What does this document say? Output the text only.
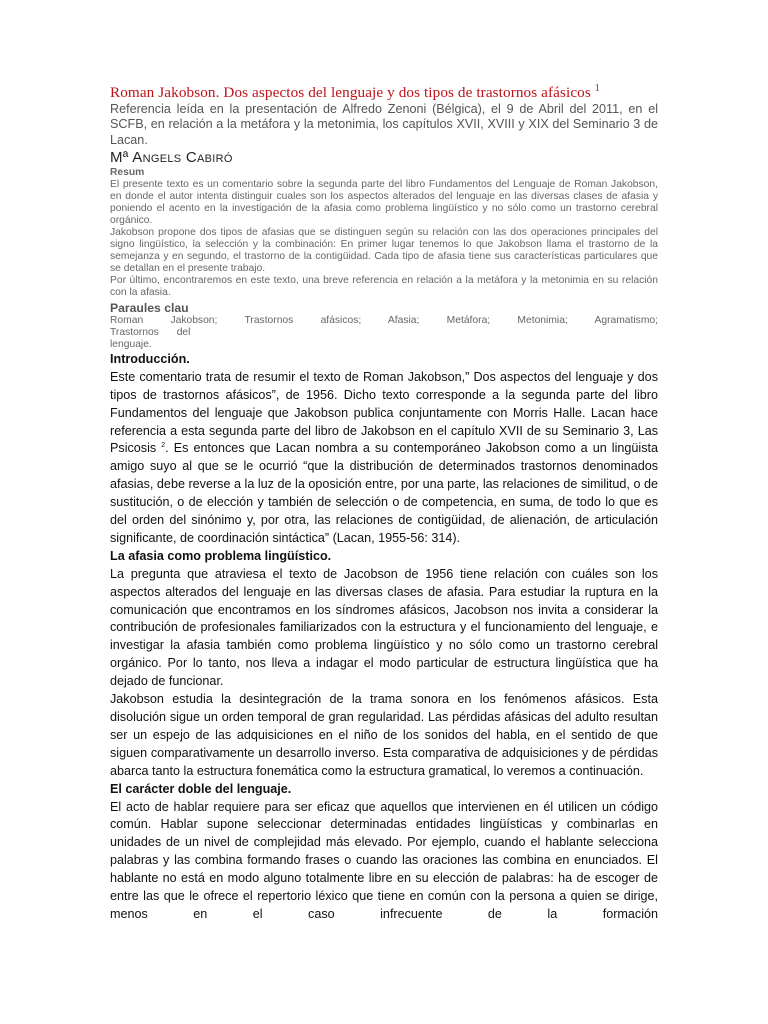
Roman Jakobson. Dos aspectos del lenguaje y dos tipos de trastornos afásicos $^1$

Referencia leída en la presentación de Alfredo Zenoni (Bélgica), el 9 de Abril del 2011, en el SCFB, en relación a la metáfora y la metonimia, los capítulos XVII, XVIII y XIX del Seminario 3 de Lacan.

Mª Angels Cabiró

Resum

El presente texto es un comentario sobre la segunda parte del libro Fundamentos del Lenguaje de Roman Jakobson, en donde el autor intenta distinguir cuales son los aspectos alterados del lenguaje en las diversas clases de afasia y poniendo el acento en la investigación de la afasia como problema lingüístico y no sólo como un trastorno cerebral orgánico.

Jakobson propone dos tipos de afasias que se distinguen según su relación con las dos operaciones principales del signo lingüístico, la selección y la combinación: En primer lugar tenemos lo que Jakobson llama el trastorno de la semejanza y en segundo, el trastorno de la contigüidad. Cada tipo de afasia tiene sus características particulares que se detallan en el presente trabajo.

Por último, encontraremos en este texto, una breve referencia en relación a la metáfora y la metonimia en su relación con la afasia.

Paraules clau

Roman Jakobson; Trastornos afásicos; Afasia; Metáfora; Metonimia; Agramatismo; Trastornos del

lenguaje.

Introducción.

Este comentario trata de resumir el texto de Roman Jakobson,” Dos aspectos del lenguaje y dos tipos de trastornos afásicos”, de 1956. Dicho texto corresponde a la segunda parte del libro Fundamentos del lenguaje que Jakobson publica conjuntamente con Morris Halle. Lacan hace referencia a esta segunda parte del libro de Jakobson en el capítulo XVII de su Seminario 3, Las Psicosis $^2$. Es entonces que Lacan nombra a su contemporáneo Jakobson como a un lingüista amigo suyo al que se le ocurrió “que la distribución de determinados trastornos denominados afasias, debe reverse a la luz de la oposición entre, por una parte, las relaciones de similitud, o de sustitución, o de elección y también de selección o de competencia, en suma, de todo lo que es del orden del sinónimo y, por otra, las relaciones de contigüidad, de alienación, de articulación significante, de coordinación sintáctica” (Lacan, 1955-56: 314).

La afasia como problema lingüístico.

La pregunta que atraviesa el texto de Jacobson de 1956 tiene relación con cuáles son los aspectos alterados del lenguaje en las diversas clases de afasia. Para estudiar la ruptura en la comunicación que encontramos en los síndromes afásicos, Jacobson nos invita a considerar la contribución de profesionales familiarizados con la estructura y el funcionamiento del lenguaje, e investigar la afasia también como problema lingüístico y no sólo como un trastorno cerebral orgánico. Por lo tanto, nos lleva a indagar el modo particular de estructura lingüística que ha dejado de funcionar.

Jakobson estudia la desintegración de la trama sonora en los fenómenos afásicos. Esta disolución sigue un orden temporal de gran regularidad. Las pérdidas afásicas del adulto resultan ser un espejo de las adquisiciones en el niño de los sonidos del habla, en el sentido de que siguen comparativamente un desarrollo inverso. Esta comparativa de adquisiciones y de pérdidas abarca tanto la estructura fonemática como la estructura gramatical, lo veremos a continuación.

El carácter doble del lenguaje.

El acto de hablar requiere para ser eficaz que aquellos que intervienen en él utilicen un código común. Hablar supone seleccionar determinadas entidades lingüísticas y combinarlas en unidades de un nivel de complejidad más elevado. Por ejemplo, cuando el hablante selecciona palabras y las combina formando frases o cuando las oraciones las combina en enunciados. El hablante no está en modo alguno totalmente libre en su elección de palabras: ha de escoger de entre las que le ofrece el repertorio léxico que tiene en común con la persona a quien se dirige, menos en el caso infrecuente de la formación
